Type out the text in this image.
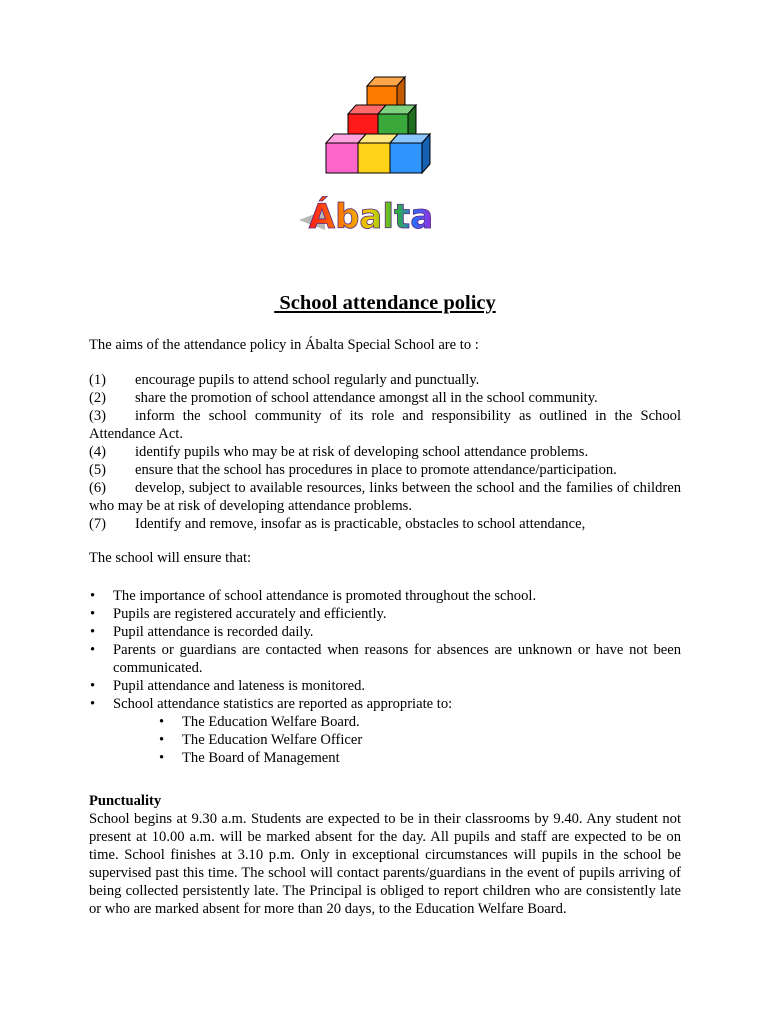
Ábalta
School attendance policy
The aims of the attendance policy in Ábalta Special School are to :
(1) encourage pupils to attend school regularly and punctually.
(2) share the promotion of school attendance amongst all in the school community.
(3) inform the school community of its role and responsibility as outlined in the School Attendance Act.
(4) identify pupils who may be at risk of developing school attendance problems.
(5) ensure that the school has procedures in place to promote attendance/participation.
(6) develop, subject to available resources, links between the school and the families of children who may be at risk of developing attendance problems.
(7) Identify and remove, insofar as is practicable, obstacles to school attendance,
The school will ensure that:
• The importance of school attendance is promoted throughout the school.
• Pupils are registered accurately and efficiently.
• Pupil attendance is recorded daily.
• Parents or guardians are contacted when reasons for absences are unknown or have not been communicated.
• Pupil attendance and lateness is monitored.
• School attendance statistics are reported as appropriate to:
• The Education Welfare Board.
• The Education Welfare Officer
• The Board of Management
Punctuality
School begins at 9.30 a.m. Students are expected to be in their classrooms by 9.40. Any student not present at 10.00 a.m. will be marked absent for the day. All pupils and staff are expected to be on time. School finishes at 3.10 p.m. Only in exceptional circumstances will pupils in the school be supervised past this time. The school will contact parents/guardians in the event of pupils arriving of being collected persistently late. The Principal is obliged to report children who are consistently late or who are marked absent for more than 20 days, to the Education Welfare Board.
